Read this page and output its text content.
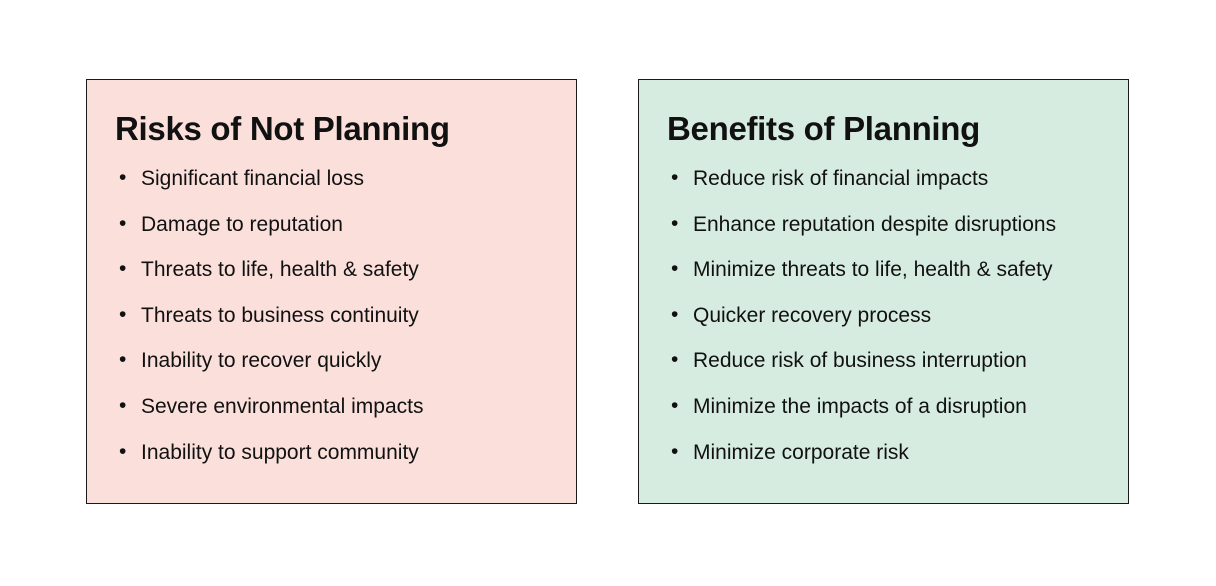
Risks of Not Planning
• Significant financial loss
• Damage to reputation
• Threats to life, health & safety
• Threats to business continuity
• Inability to recover quickly
• Severe environmental impacts
• Inability to support community
Benefits of Planning
• Reduce risk of financial impacts
• Enhance reputation despite disruptions
• Minimize threats to life, health & safety
• Quicker recovery process
• Reduce risk of business interruption
• Minimize the impacts of a disruption
• Minimize corporate risk
